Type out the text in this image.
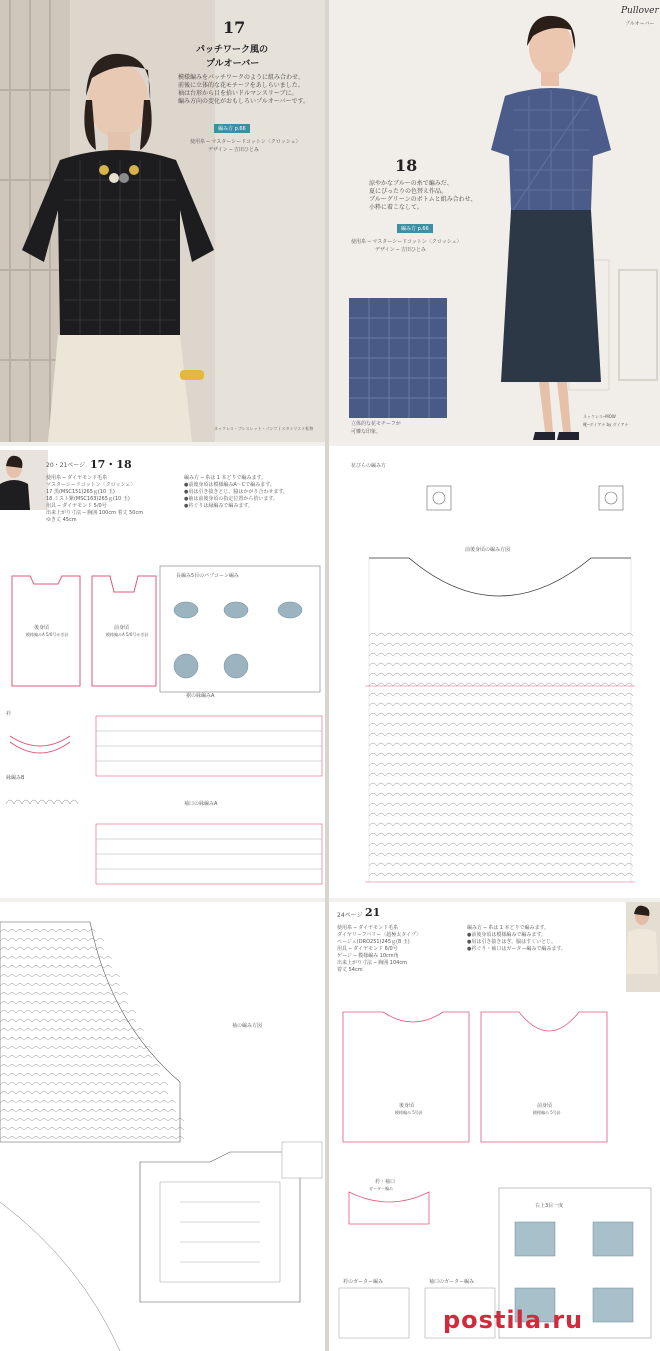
17
パッチワーク風の
プルオーバー
模様編みをパッチワークのように組み合わせ、
前後に立体的な花モチーフをあしらいました。
袖は台形から目を拾いドルマンスリーブに。
編み方向の変化がおもしろいプルオーバーです。
編み方 p.66
使用糸 ─ マスターシードコットン〈クロッシェ〉
デザイン ─ 吉田ひとみ
ネックレス・ブレスレット・パンツ / スタイリスト私物
Pullover
プルオーバー
18
涼やかなブルーの糸で編みだ、
夏にぴったりの色替え作品。
ブルーグリーンのボトムと組み合わせ、
小粋に着こなして。
編み方 p.66
使用糸 ─ マスターシードコットン〈クロッシェ〉
デザイン ─ 吉田ひとみ
立体的な花モチーフが
可憐な印象。
ネックレス─MOW
靴─ダイアナ by ダイアナ
20・21ページ 17・18
使用糸 ─ ダイヤモンド毛糸
マスターシードコットン〈クロッシェ〉
17 黒(MSC151)265ｇ(10 玉)
18 ミスト紫(MSC163)265ｇ(10 玉)
用具 ─ ダイヤモンド 5/0号
出来上がり寸法 ─ 胸囲 100cm 着丈 50cm
ゆき丈 45cm
編み方 ─ 糸は 1 本どりで編みます。
●前後身頃は模様編みA〜Cで編みます。
●肩は引き抜きとじ、脇はかがり合わせます。
●袖は前後身頃の指定位置から拾います。
●衿ぐりは縁編みで編みます。
後身頃
模様編みA 5/0号かぎ針
前身頃
模様編みA 5/0号かぎ針
長編み5目のパプコーン編み
裾の縁編みA
袖口の縁編みA
衿
縁編みB
花びらの編み方
前後身頃の編み方図
袖の編み方図
24ページ 21
使用糸 ─ ダイヤモンド毛糸
ダイヤリーフバリー〈超極太タイプ〉
ベージュ(DRO251)245ｇ(8 玉)
用具 ─ ダイヤモンド 6/0号
ゲージ ─ 模様編み 10cm角
出来上がり寸法 ─ 胸囲 104cm
着丈 54cm
編み方 ─ 糸は 1 本どりで編みます。
●前後身頃は模様編みで編みます。
●肩は引き抜きはぎ、脇はすくいとじ。
●衿ぐり・袖口はガーター編みで編みます。
後身頃
模様編み 5号針
前身頃
模様編み 5号針
衿・袖口
ガーター編み
右上3目一度
衿のガーター編み	袖口のガーター編み
postila.ru
